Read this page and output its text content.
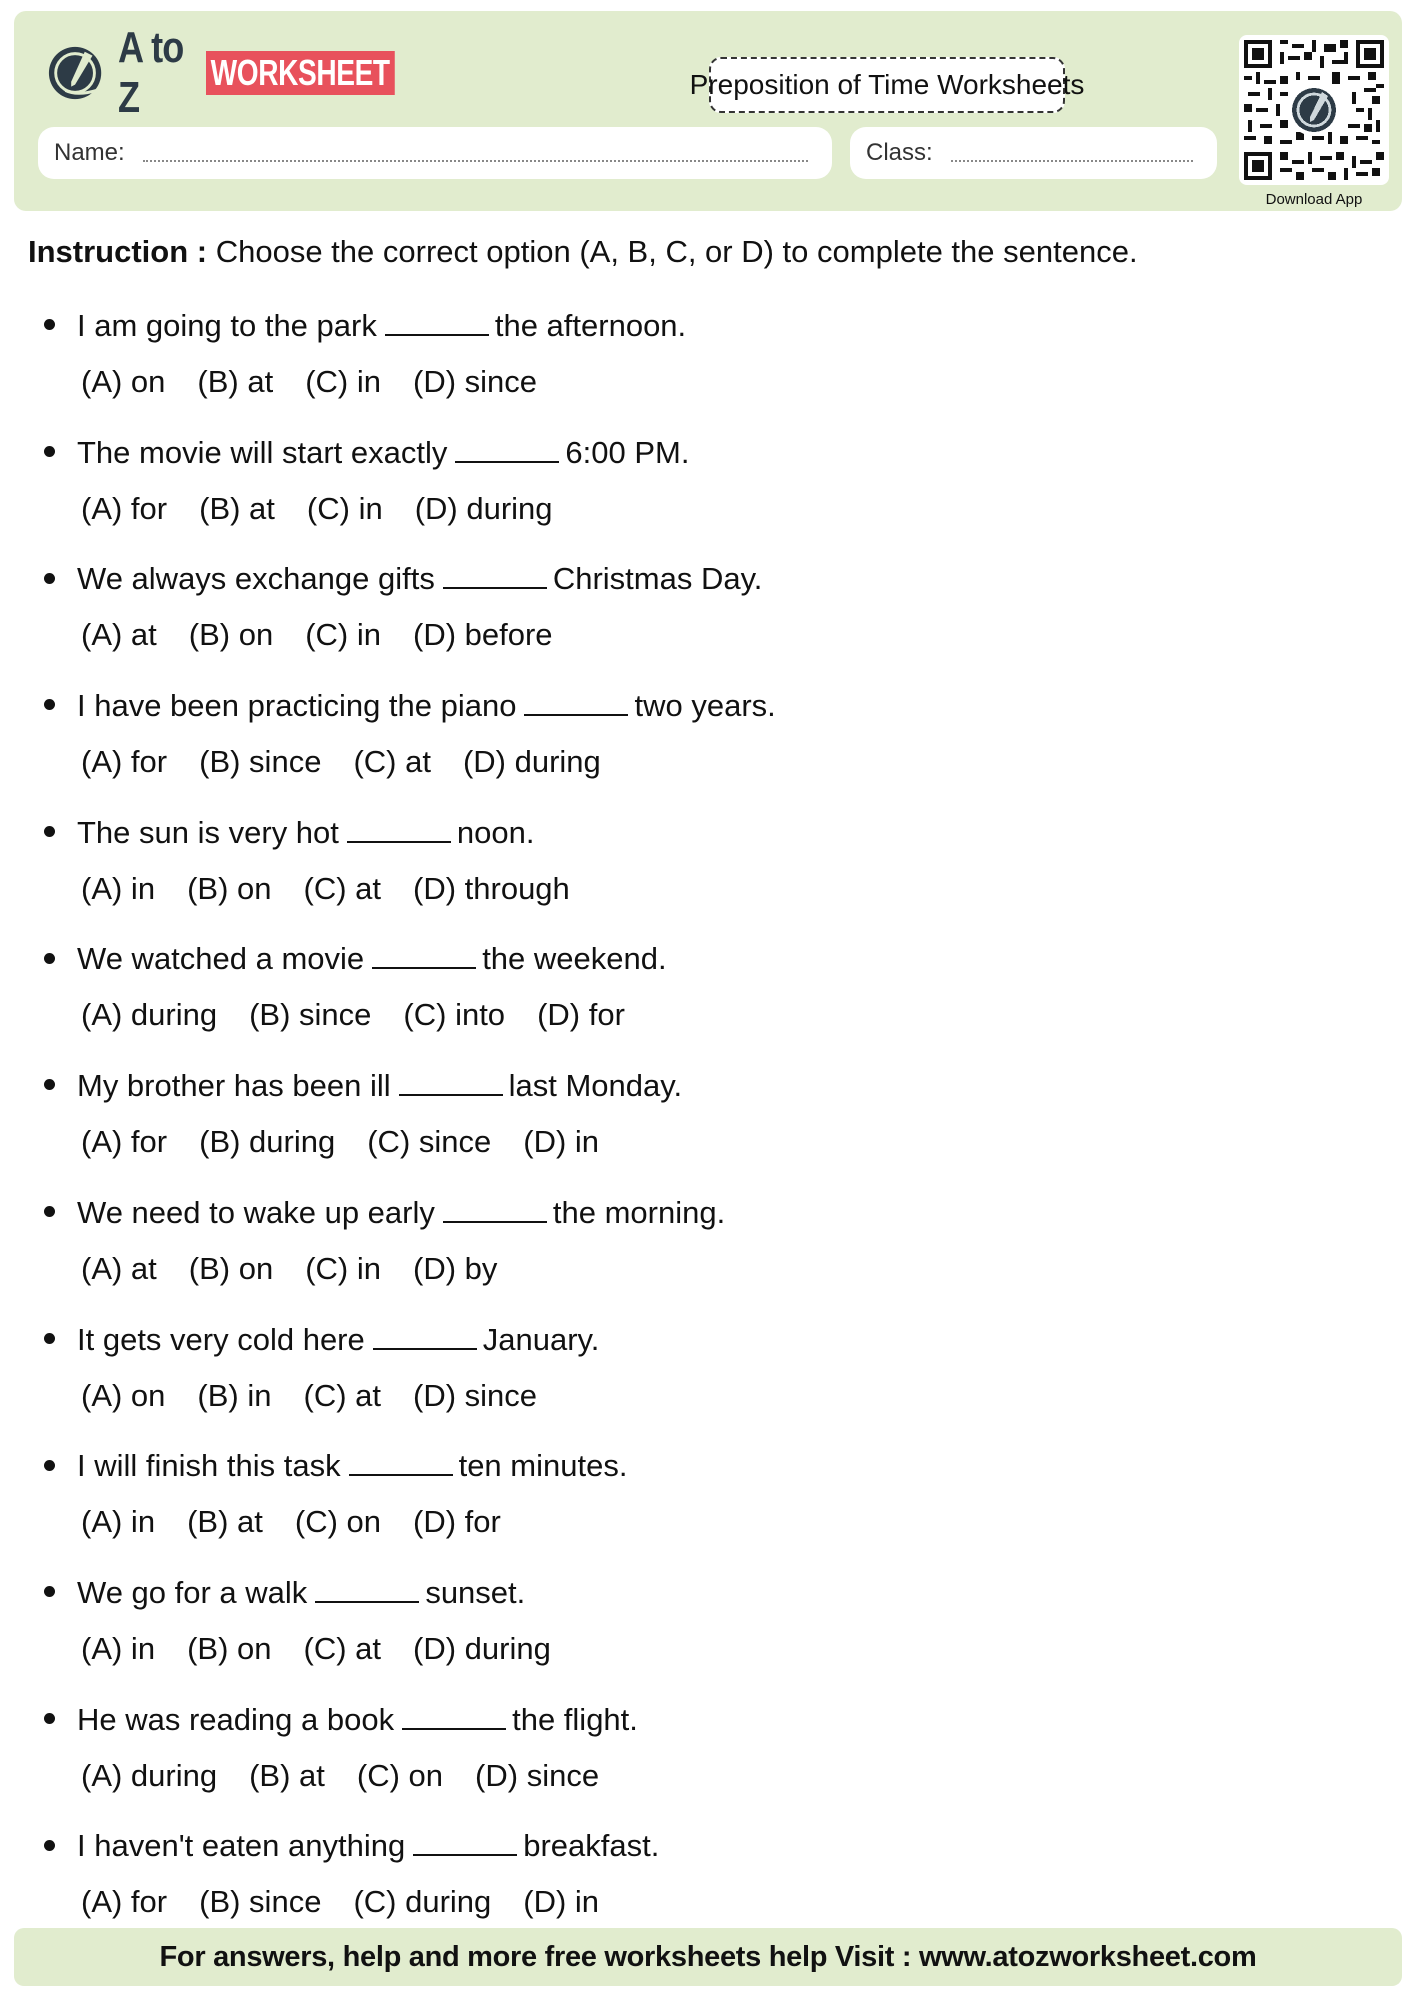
A to Z
WORKSHEET	Preposition of Time Worksheets
Name:	Class:
Download App
Instruction : Choose the correct option (A, B, C, or D) to complete the sentence.
I am going to the park	the afternoon.
(A) on (B) at (C) in (D) since
The movie will start exactly	6:00 PM.
(A) for (B) at (C) in (D) during
We always exchange gifts	Christmas Day.
(A) at (B) on (C) in (D) before
I have been practicing the piano	two years.
(A) for (B) since (C) at (D) during
The sun is very hot	noon.
(A) in (B) on (C) at (D) through
We watched a movie	the weekend.
(A) during (B) since (C) into (D) for
My brother has been ill	last Monday.
(A) for (B) during (C) since (D) in
We need to wake up early	the morning.
(A) at (B) on (C) in (D) by
It gets very cold here	January.
(A) on (B) in (C) at (D) since
I will finish this task	ten minutes.
(A) in (B) at (C) on (D) for
We go for a walk	sunset.
(A) in (B) on (C) at (D) during
He was reading a book	the flight.
(A) during (B) at (C) on (D) since
I haven't eaten anything	breakfast.
(A) for (B) since (C) during (D) in
For answers, help and more free worksheets help Visit : www.atozworksheet.com
